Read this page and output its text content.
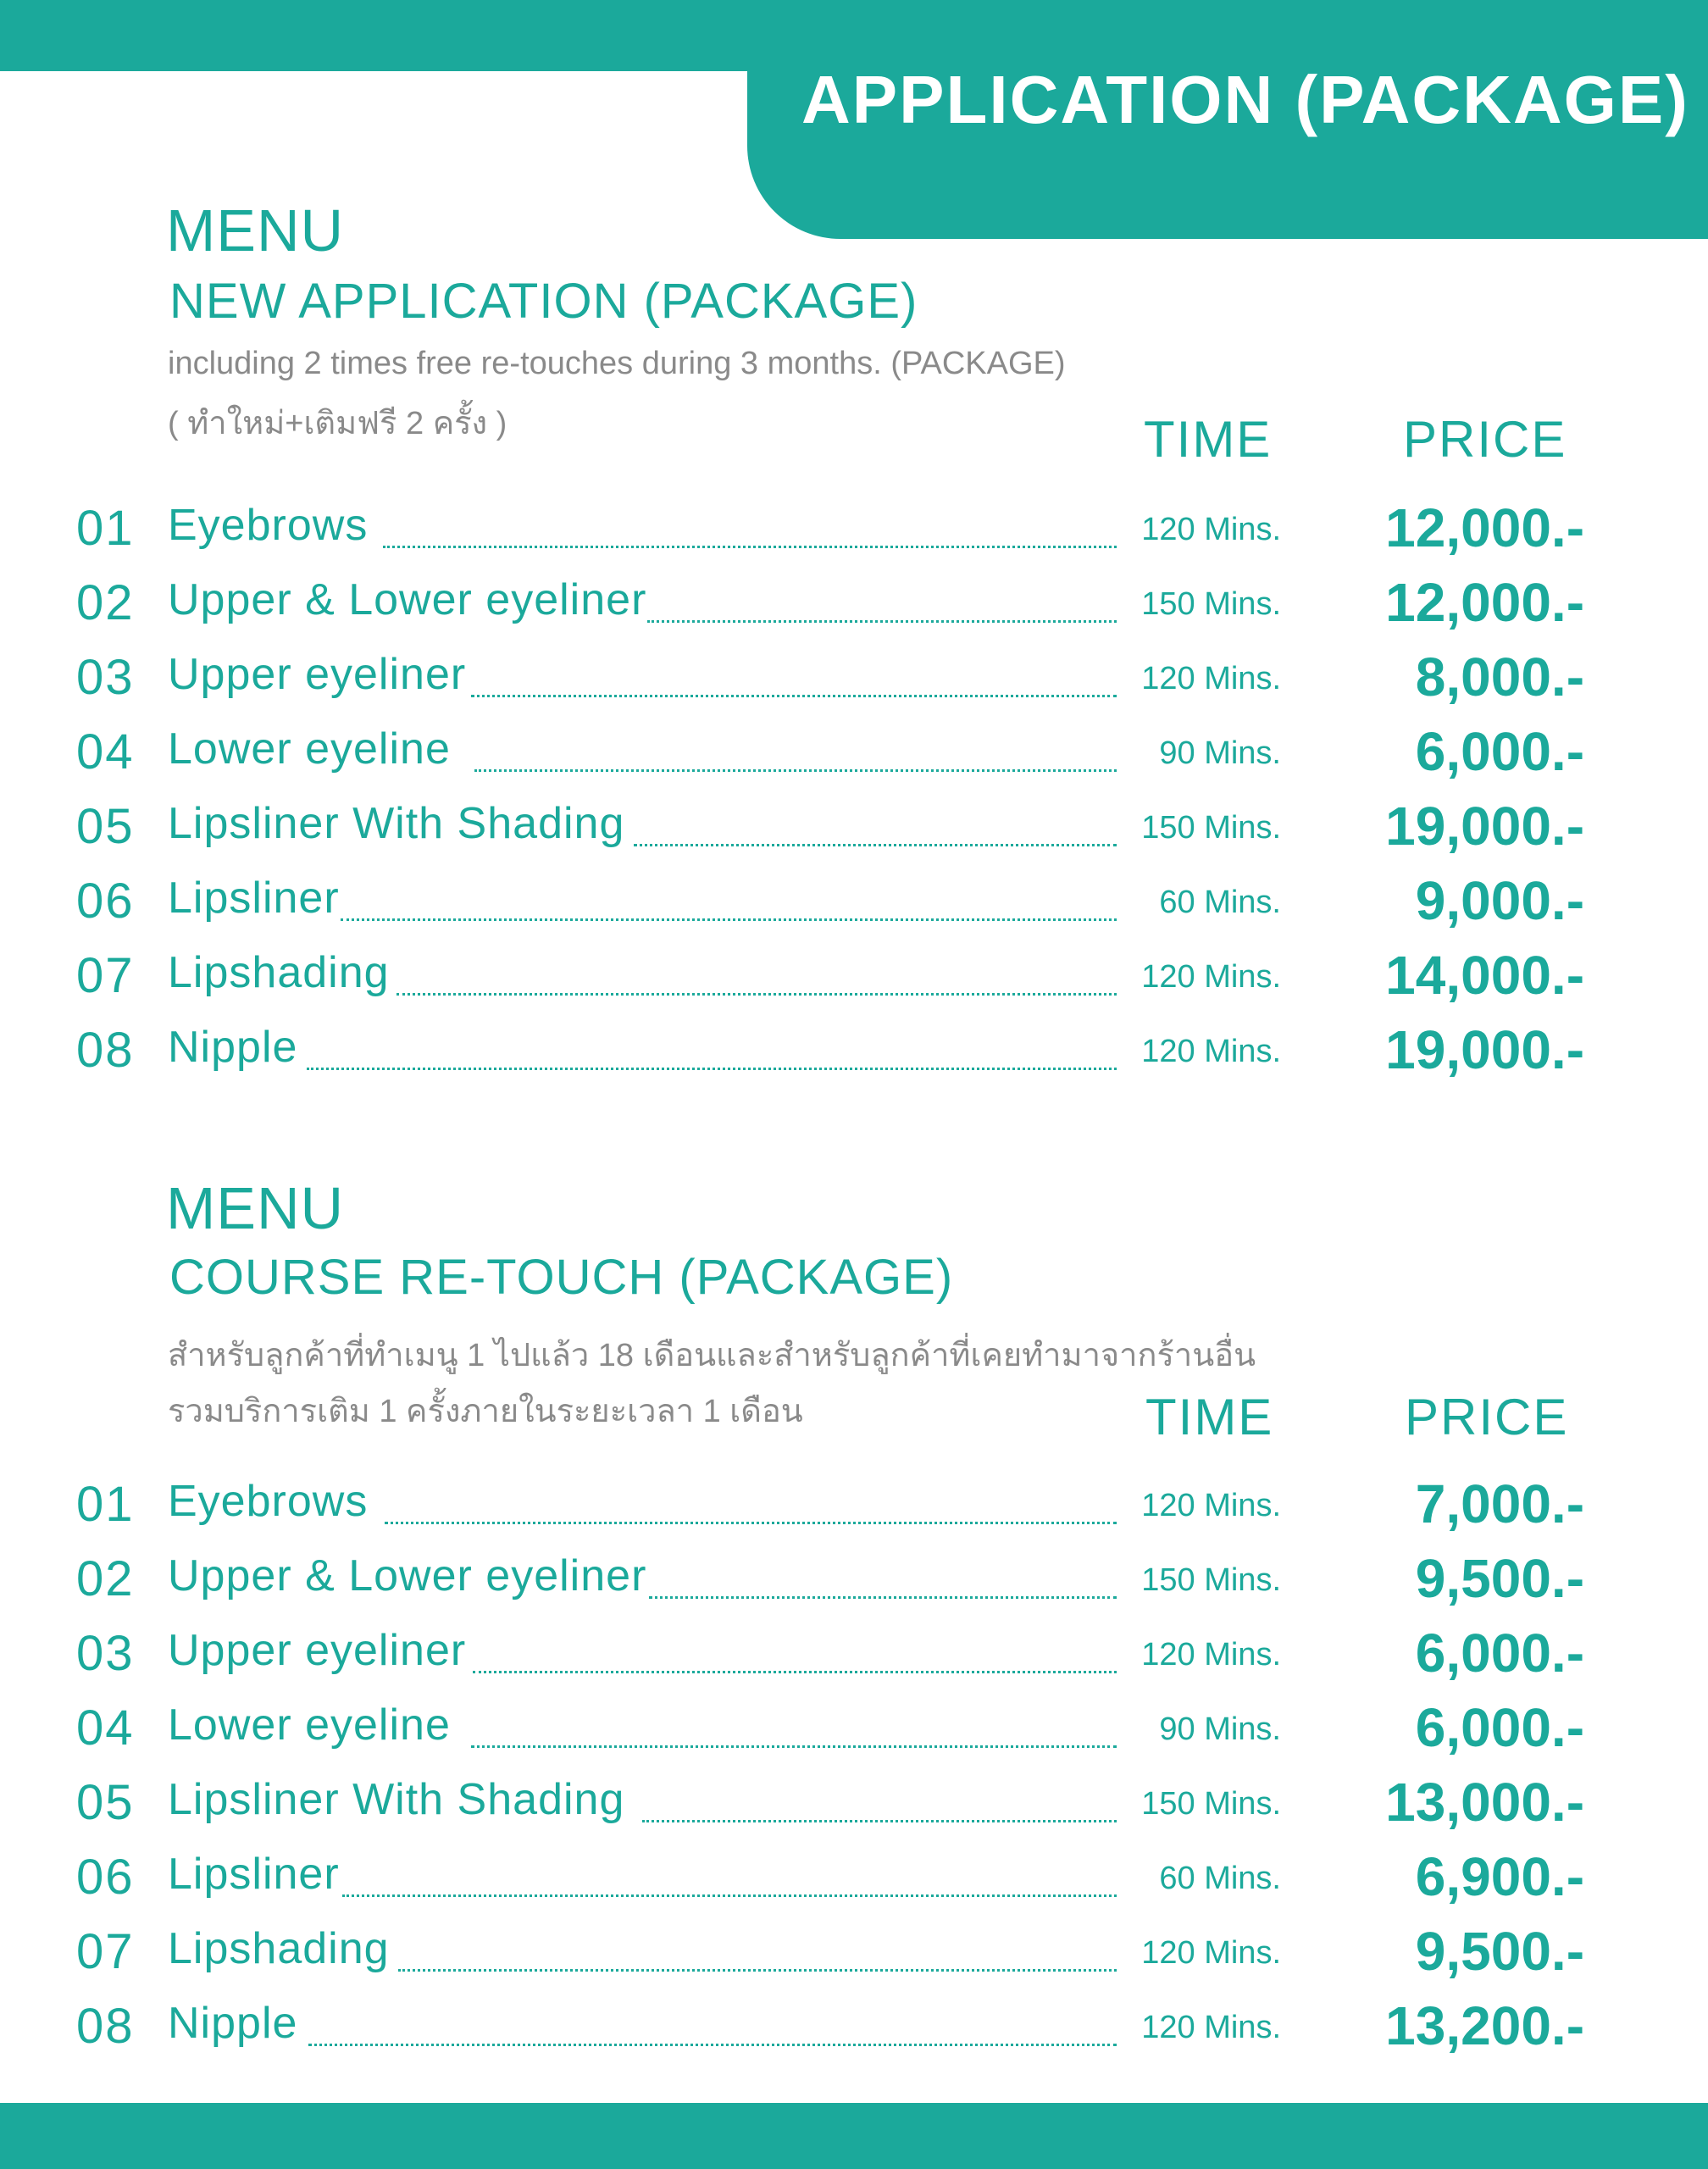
APPLICATION (PACKAGE)
MENU
NEW APPLICATION (PACKAGE)
including 2 times free re-touches during 3 months. (PACKAGE)
( ทำใหม่+เติมฟรี 2 ครั้ง )	TIME	PRICE
01 Eyebrows	120 Mins. 12,000.-
02 Upper & Lower eyeliner	150 Mins. 12,000.-
03 Upper eyeliner	120 Mins. 8,000.-
04 Lower eyeline	90 Mins. 6,000.-
05 Lipsliner With Shading	150 Mins. 19,000.-
06 Lipsliner	60 Mins. 9,000.-
07 Lipshading	120 Mins. 14,000.-
08 Nipple	120 Mins. 19,000.-
MENU
COURSE RE-TOUCH (PACKAGE)
สำหรับลูกค้าที่ทำเมนู 1 ไปแล้ว 18 เดือนและสำหรับลูกค้าที่เคยทำมาจากร้านอื่น
รวมบริการเติม 1 ครั้งภายในระยะเวลา 1 เดือน	TIME	PRICE
01 Eyebrows	120 Mins. 7,000.-
02 Upper & Lower eyeliner	150 Mins. 9,500.-
03 Upper eyeliner	120 Mins. 6,000.-
04 Lower eyeline	90 Mins. 6,000.-
05 Lipsliner With Shading	150 Mins. 13,000.-
06 Lipsliner	60 Mins. 6,900.-
07 Lipshading	120 Mins. 9,500.-
08 Nipple	120 Mins. 13,200.-
